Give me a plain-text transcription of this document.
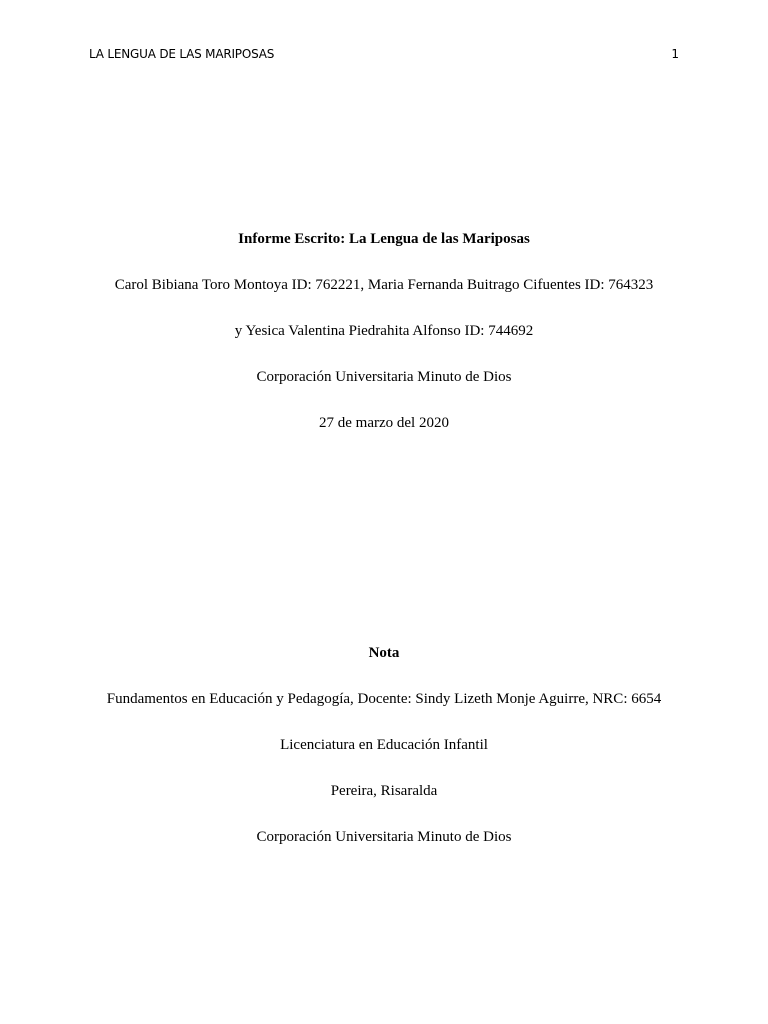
LA LENGUA DE LAS MARIPOSAS	1
Informe Escrito: La Lengua de las Mariposas
Carol Bibiana Toro Montoya ID: 762221, Maria Fernanda Buitrago Cifuentes ID: 764323
y Yesica Valentina Piedrahita Alfonso ID: 744692
Corporación Universitaria Minuto de Dios
27 de marzo del 2020
Nota
Fundamentos en Educación y Pedagogía, Docente: Sindy Lizeth Monje Aguirre, NRC: 6654
Licenciatura en Educación Infantil
Pereira, Risaralda
Corporación Universitaria Minuto de Dios
